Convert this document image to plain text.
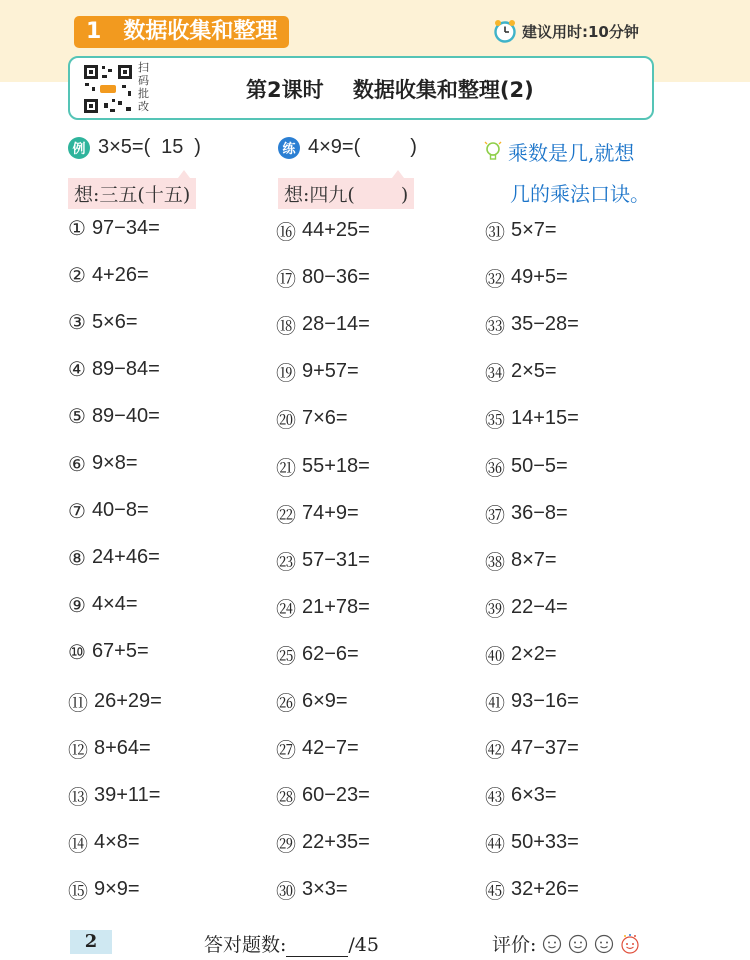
1 数据收集和整理	建议用时:10分钟
扫
码
批
改
第2课时    数据收集和整理(2)
例 3×5=( 15 )
想:三五(十五)
练 4×9=(	)
想:四九( )
乘数是几,就想
几的乘法口诀。
① 97−34=
② 4+26=
③ 5×6=
④ 89−84=
⑤ 89−40=
⑥ 9×8=
⑦ 40−8=
⑧ 24+46=
⑨ 4×4=
⑩ 67+5=
⑪ 26+29=
⑫ 8+64=
⑬ 39+11=
⑭ 4×8=
⑮ 9×9=
⑯ 44+25=
⑰ 80−36=
⑱ 28−14=
⑲ 9+57=
⑳ 7×6=
㉑ 55+18=
㉒ 74+9=
㉓ 57−31=
㉔ 21+78=
㉕ 62−6=
㉖ 6×9=
㉗ 42−7=
㉘ 60−23=
㉙ 22+35=
㉚ 3×3=
㉛ 5×7=
㉜ 49+5=
㉝ 35−28=
㉞ 2×5=
㉟ 14+15=
㊱ 50−5=
㊲ 36−8=
㊳ 8×7=
㊴ 22−4=
㊵ 2×2=
㊶ 93−16=
㊷ 47−37=
㊸ 6×3=
㊹ 50+33=
㊺ 32+26=
2	答对题数:	/45	评价:
